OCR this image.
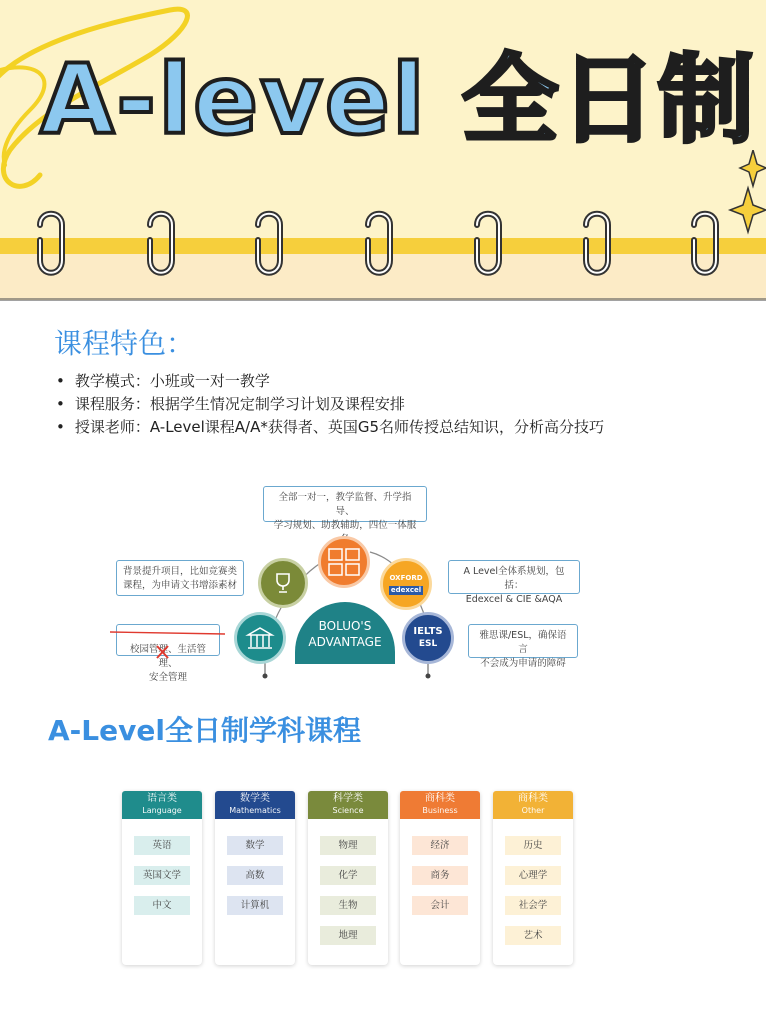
A-level 全日制
课程特色：
• 教学模式：小班或一对一教学
• 课程服务：根据学生情况定制学习计划及课程安排
• 授课老师：A-Level课程A/A*获得者、英国G5名师传授总结知识，分析高分技巧
全部一对一，教学监督、升学指导、
学习规划、助教辅助，四位一体服
背景提升项目，比如竞赛类
课程，为申请文书增添素材

校园管理、生活管理、
安全管理

A Level全体系规划，包括：
Edexcel & CIE &AQA
雅思课/ESL，确保语言
不会成为申请的障碍
OXFORD
edexcel
IELTS
ESL
BOLUO'S
ADVANTAGE
A-Level全日制学科课程
语言类
Language
英语
英国文学
中文
数学类
Mathematics
数学
高数
计算机
科学类
Science
物理
化学
生物
地理
商科类
Business
经济
商务
会计
商科类
Other
历史
心理学
社会学
艺术
